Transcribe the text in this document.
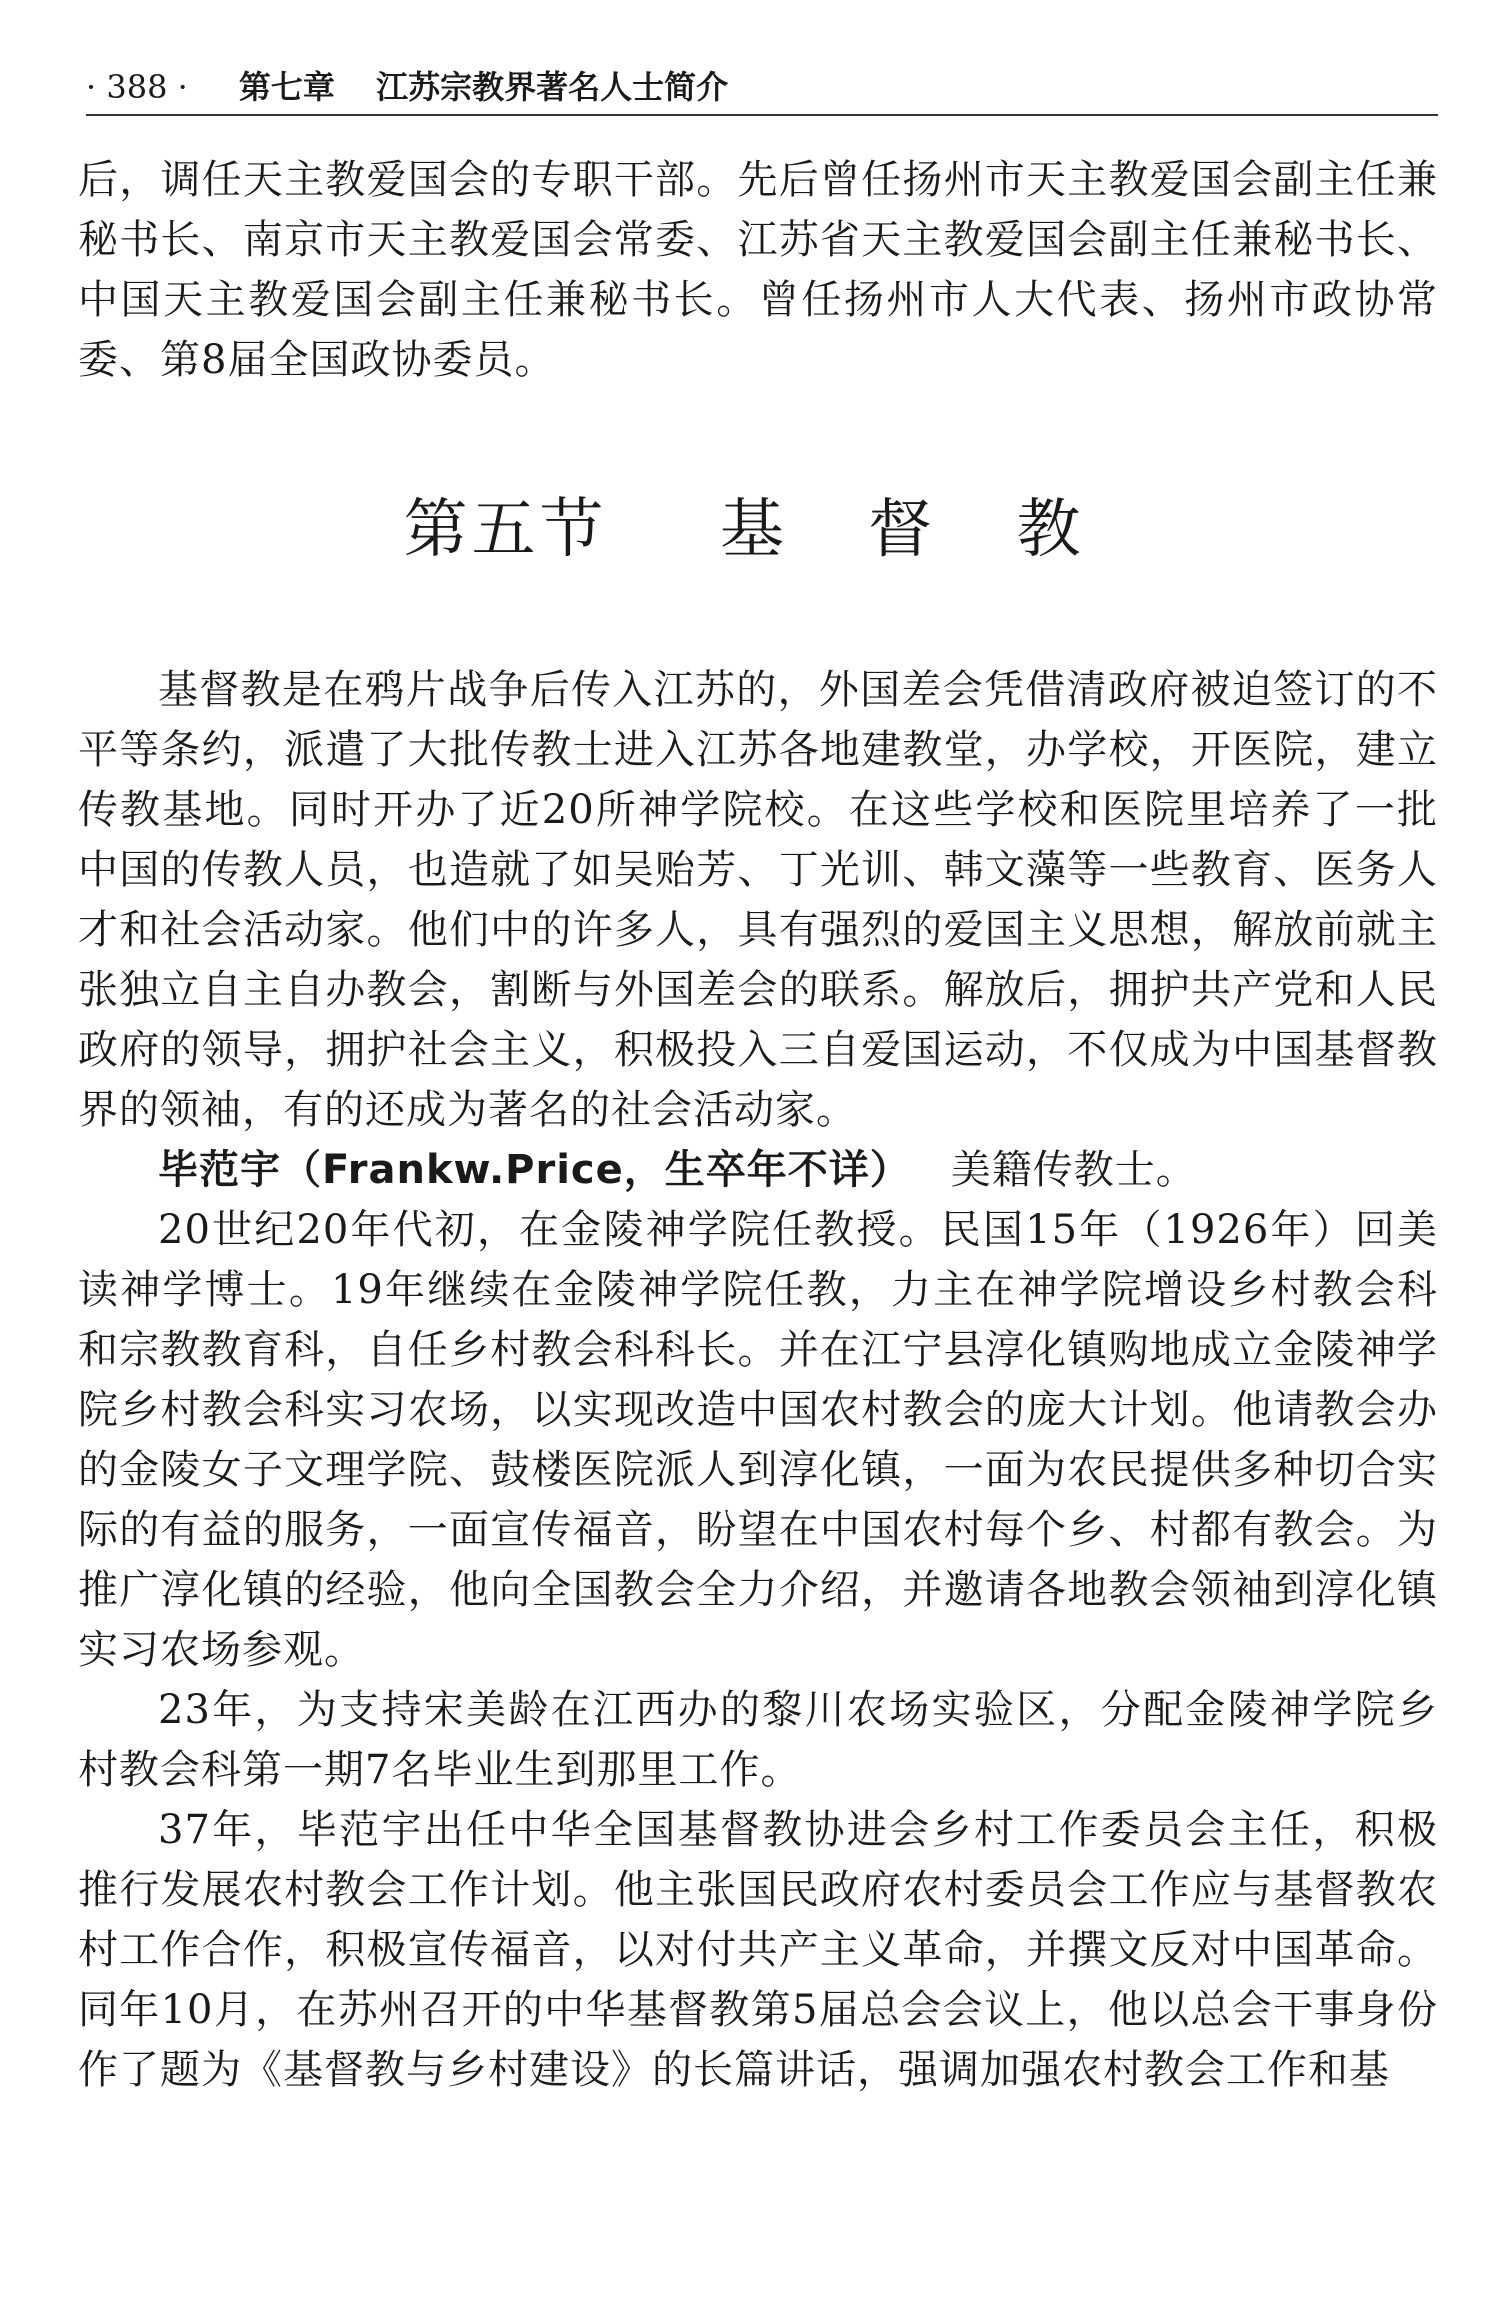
· 388 · 第七章 江苏宗教界著名人士简介

后，调任天主教爱国会的专职干部。先后曾任扬州市天主教爱国会副主任兼秘书长、南京市天主教爱国会常委、江苏省天主教爱国会副主任兼秘书长、中国天主教爱国会副主任兼秘书长。曾任扬州市人大代表、扬州市政协常委、第8届全国政协委员。

第五节 基 督 教

基督教是在鸦片战争后传入江苏的，外国差会凭借清政府被迫签订的不平等条约，派遣了大批传教士进入江苏各地建教堂，办学校，开医院，建立传教基地。同时开办了近20所神学院校。在这些学校和医院里培养了一批中国的传教人员，也造就了如吴贻芳、丁光训、韩文藻等一些教育、医务人才和社会活动家。他们中的许多人，具有强烈的爱国主义思想，解放前就主张独立自主自办教会，割断与外国差会的联系。解放后，拥护共产党和人民政府的领导，拥护社会主义，积极投入三自爱国运动，不仅成为中国基督教界的领袖，有的还成为著名的社会活动家。

毕范宇（Frankw.Price，生卒年不详） 美籍传教士。

20世纪20年代初，在金陵神学院任教授。民国15年（1926年）回美读神学博士。19年继续在金陵神学院任教，力主在神学院增设乡村教会科和宗教教育科，自任乡村教会科科长。并在江宁县淳化镇购地成立金陵神学院乡村教会科实习农场，以实现改造中国农村教会的庞大计划。他请教会办的金陵女子文理学院、鼓楼医院派人到淳化镇，一面为农民提供多种切合实际的有益的服务，一面宣传福音，盼望在中国农村每个乡、村都有教会。为推广淳化镇的经验，他向全国教会全力介绍，并邀请各地教会领袖到淳化镇实习农场参观。

23年，为支持宋美龄在江西办的黎川农场实验区，分配金陵神学院乡村教会科第一期7名毕业生到那里工作。

37年，毕范宇出任中华全国基督教协进会乡村工作委员会主任，积极推行发展农村教会工作计划。他主张国民政府农村委员会工作应与基督教农村工作合作，积极宣传福音，以对付共产主义革命，并撰文反对中国革命。同年10月，在苏州召开的中华基督教第5届总会会议上，他以总会干事身份作了题为《基督教与乡村建设》的长篇讲话，强调加强农村教会工作和基
